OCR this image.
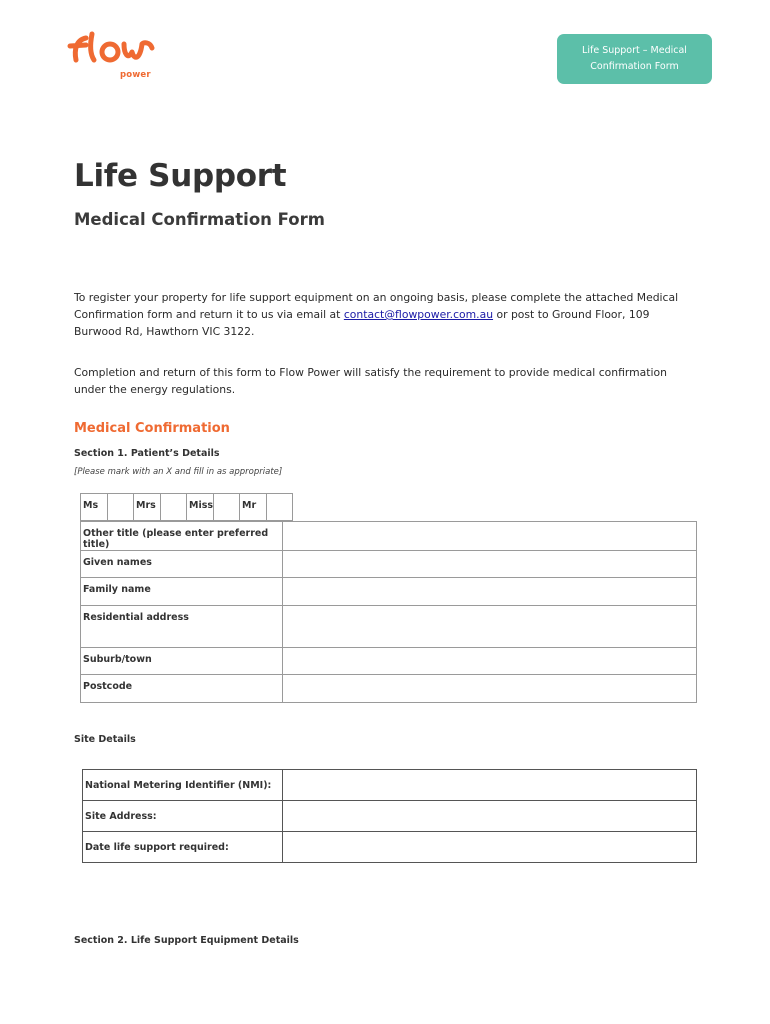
power
Life Support – Medical
Confirmation Form
Life Support
Medical Confirmation Form

To register your property for life support equipment on an ongoing basis, please complete the attached Medical Confirmation form and return it to us via email at contact@flowpower.com.au or post to Ground Floor, 109 Burwood Rd, Hawthorn VIC 3122.

Completion and return of this form to Flow Power will satisfy the requirement to provide medical confirmation under the energy regulations.

Medical Confirmation
Section 1. Patient’s Details
[Please mark with an X and fill in as appropriate]
Ms	Mrs	Miss	Mr
Other title (please enter preferred title)	
Given names	
Family name	
Residential address	
Suburb/town	
Postcode	
Site Details
National Metering Identifier (NMI):	
Site Address:	
Date life support required:	
Section 2. Life Support Equipment Details
